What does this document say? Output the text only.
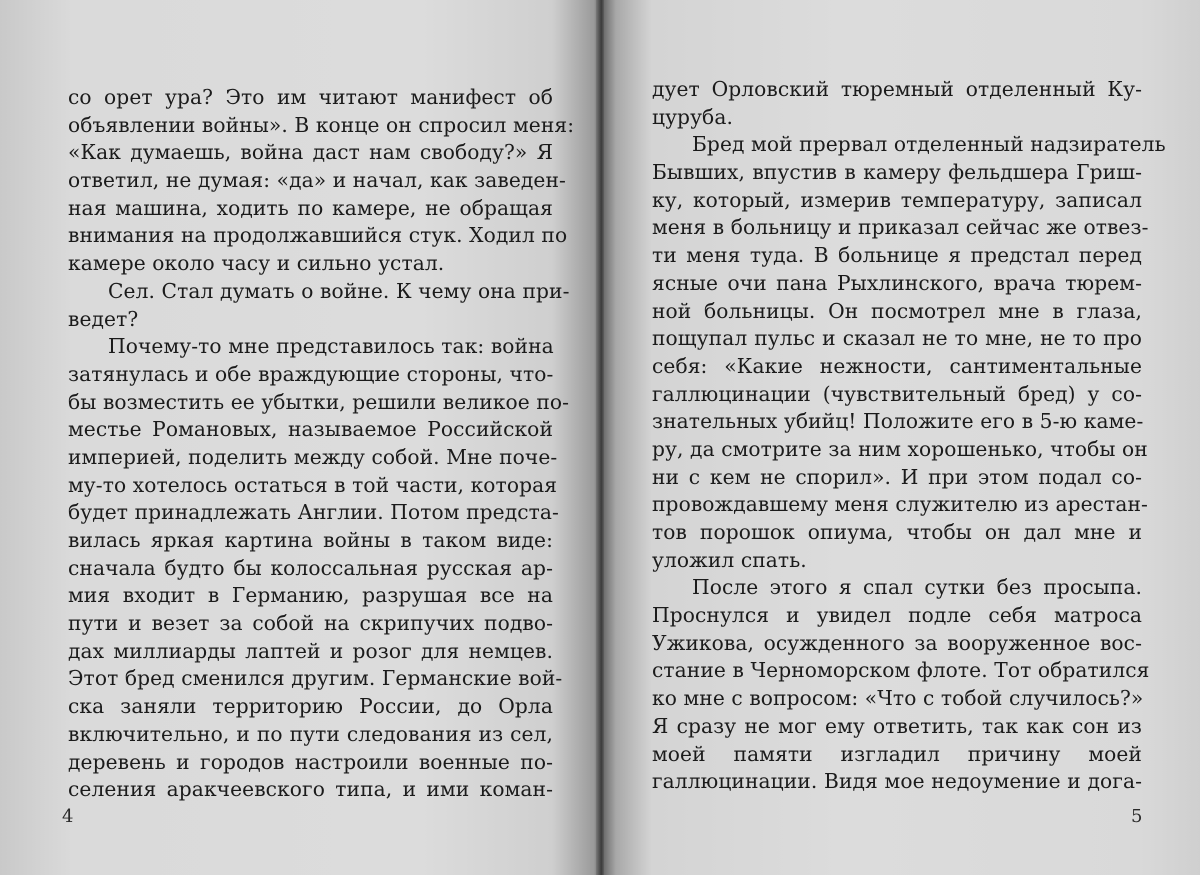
со орет ура? Это им читают манифест об
объявлении войны». В конце он спросил меня:
«Как думаешь, война даст нам свободу?» Я
ответил, не думая: «да» и начал, как заведен-
ная машина, ходить по камере, не обращая
внимания на продолжавшийся стук. Ходил по
камере около часу и сильно устал.
Сел. Стал думать о войне. К чему она при-
ведет?
Почему-то мне представилось так: война
затянулась и обе враждующие стороны, что-
бы возместить ее убытки, решили великое по-
местье Романовых, называемое Российской
империей, поделить между собой. Мне поче-
му-то хотелось остаться в той части, которая
будет принадлежать Англии. Потом предста-
вилась яркая картина войны в таком виде:
сначала будто бы колоссальная русская ар-
мия входит в Германию, разрушая все на
пути и везет за собой на скрипучих подво-
дах миллиарды лаптей и розог для немцев.
Этот бред сменился другим. Германские вой-
ска заняли территорию России, до Орла
включительно, и по пути следования из сел,
деревень и городов настроили военные по-
селения аракчеевского типа, и ими коман-
4
дует Орловский тюремный отделенный Ку-
цуруба.
Бред мой прервал отделенный надзиратель
Бывших, впустив в камеру фельдшера Гриш-
ку, который, измерив температуру, записал
меня в больницу и приказал сейчас же отвез-
ти меня туда. В больнице я предстал перед
ясные очи пана Рыхлинского, врача тюрем-
ной больницы. Он посмотрел мне в глаза,
пощупал пульс и сказал не то мне, не то про
себя: «Какие нежности, сантиментальные
галлюцинации (чувствительный бред) у со-
знательных убийц! Положите его в 5-ю каме-
ру, да смотрите за ним хорошенько, чтобы он
ни с кем не спорил». И при этом подал со-
провождавшему меня служителю из арестан-
тов порошок опиума, чтобы он дал мне и
уложил спать.
После этого я спал сутки без просыпа.
Проснулся и увидел подле себя матроса
Ужикова, осужденного за вооруженное вос-
стание в Черноморском флоте. Тот обратился
ко мне с вопросом: «Что с тобой случилось?»
Я сразу не мог ему ответить, так как сон из
моей памяти изгладил причину моей
галлюцинации. Видя мое недоумение и дога-
5
